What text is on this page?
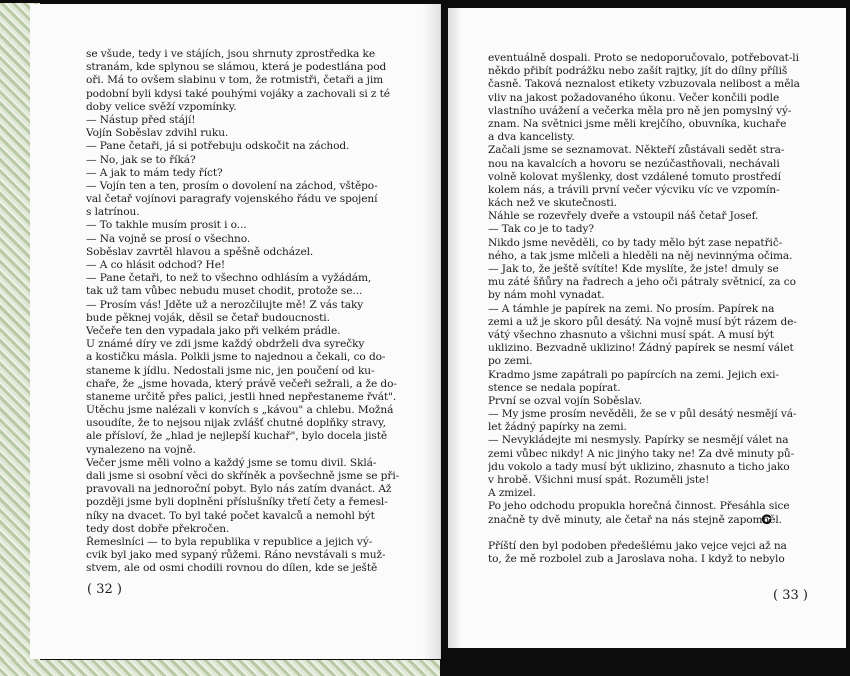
se všude, tedy i ve stájích, jsou shrnuty zprostředka ke
stranám, kde splynou se slámou, která je podestlána pod
oři. Má to ovšem slabinu v tom, že rotmistři, četaři a jim
podobní byli kdysi také pouhými vojáky a zachovali si z té
doby velice svěží vzpomínky.
— Nástup před stájí!
Vojín Soběslav zdvihl ruku.
— Pane četaři, já si potřebuju odskočit na záchod.
— No, jak se to říká?
— A jak to mám tedy říct?
— Vojín ten a ten, prosím o dovolení na záchod, vštěpo-
val četař vojínovi paragrafy vojenského řádu ve spojení
s latrínou.
— To takhle musím prosit i o...
— Na vojně se prosí o všechno.
Soběslav zavrtěl hlavou a spěšně odcházel.
— A co hlásit odchod? He!
— Pane četaři, to než to všechno odhlásím a vyžádám,
tak už tam vůbec nebudu muset chodit, protože se...
— Prosím vás! Jděte už a nerozčilujte mě! Z vás taky
bude pěknej voják, děsil se četař budoucnosti.
Večeře ten den vypadala jako při velkém prádle.
U známé díry ve zdi jsme každý obdrželi dva syrečky
a kostičku másla. Polkli jsme to najednou a čekali, co do-
staneme k jídlu. Nedostali jsme nic, jen poučení od ku-
chaře, že „jsme hovada, který právě večeři sežrali, a že do-
staneme určitě přes palici, jestli hned nepřestaneme řvát".
Útěchu jsme nalézali v konvích s „kávou" a chlebu. Možná
usoudíte, že to nejsou nijak zvlášť chutné doplňky stravy,
ale přísloví, že „hlad je nejlepší kuchař", bylo docela jistě
vynalezeno na vojně.
Večer jsme měli volno a každý jsme se tomu divil. Sklá-
dali jsme si osobní věci do skříněk a povšechně jsme se při-
pravovali na jednoroční pobyt. Bylo nás zatím dvanáct. Až
později jsme byli doplněni příslušníky třetí čety a řemesl-
níky na dvacet. To byl také počet kavalců a nemohl být
tedy dost dobře překročen.
Řemeslníci — to byla republika v republice a jejich vý-
cvik byl jako med sypaný růžemi. Ráno nevstávali s muž-
stvem, ale od osmi chodili rovnou do dílen, kde se ještě
( 32 )
eventuálně dospali. Proto se nedoporučovalo, potřebovat-li
někdo přibít podrážku nebo zašít rajtky, jít do dílny příliš
časně. Taková neznalost etikety vzbuzovala nelibost a měla
vliv na jakost požadovaného úkonu. Večer končili podle
vlastního uvážení a večerka měla pro ně jen pomyslný vý-
znam. Na světnici jsme měli krejčího, obuvníka, kuchaře
a dva kancelisty.
Začali jsme se seznamovat. Někteří zůstávali sedět stra-
nou na kavalcích a hovoru se nezúčastňovali, nechávali
volně kolovat myšlenky, dost vzdálené tomuto prostředí
kolem nás, a trávili první večer výcviku víc ve vzpomín-
kách než ve skutečnosti.
Náhle se rozevřely dveře a vstoupil náš četař Josef.
— Tak co je to tady?
Nikdo jsme nevěděli, co by tady mělo být zase nepatřič-
ného, a tak jsme mlčeli a hleděli na něj nevinnýma očima.
— Jak to, že ještě svítíte! Kde myslíte, že jste! dmuly se
mu záté šňůry na řadrech a jeho oči pátraly světnicí, za co
by nám mohl vynadat.
— A támhle je papírek na zemi. No prosím. Papírek na
zemi a už je skoro půl desátý. Na vojně musí být rázem de-
vátý všechno zhasnuto a všichni musí spát. A musí být
uklizino. Bezvadně uklizino! Žádný papírek se nesmí válet
po zemi.
Kradmo jsme zapátrali po papírcích na zemi. Jejich exi-
stence se nedala popírat.
První se ozval vojín Soběslav.
— My jsme prosím nevěděli, že se v půl desátý nesmějí vá-
let žádný papírky na zemi.
— Nevykládejte mi nesmysly. Papírky se nesmějí válet na
zemi vůbec nikdy! A nic jinýho taky ne! Za dvě minuty pů-
jdu vokolo a tady musí být uklizino, zhasnuto a ticho jako
v hrobě. Všichni musí spát. Rozuměli jste!
A zmizel.
Po jeho odchodu propukla horečná činnost. Přesáhla sice
značně ty dvě minuty, ale četař na nás stejně zapomněl.
Příští den byl podoben předešlému jako vejce vejci až na
to, že mě rozbolel zub a Jaroslava noha. I když to nebylo
( 33 )
